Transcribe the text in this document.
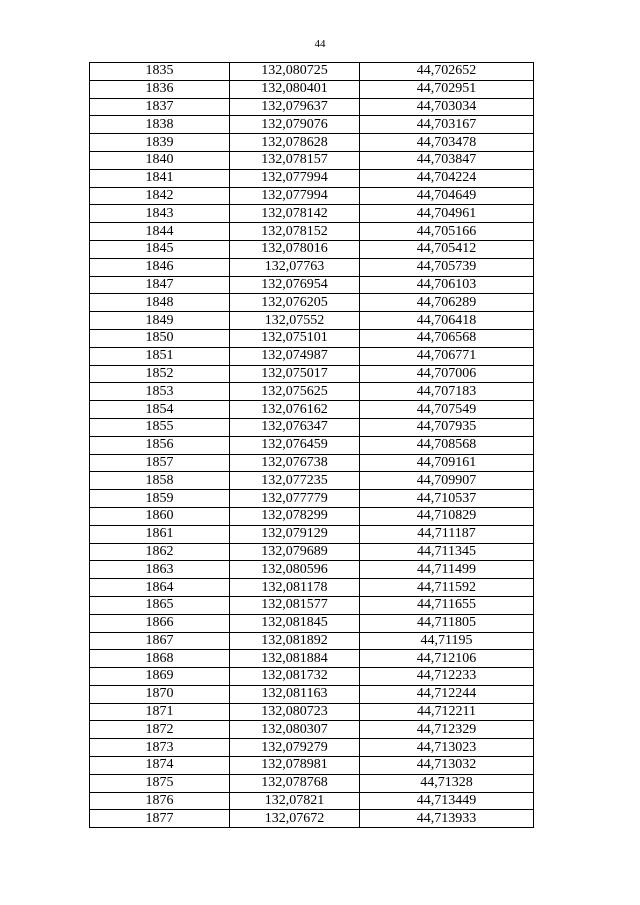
44
1835	132,080725	44,702652
1836	132,080401	44,702951
1837	132,079637	44,703034
1838	132,079076	44,703167
1839	132,078628	44,703478
1840	132,078157	44,703847
1841	132,077994	44,704224
1842	132,077994	44,704649
1843	132,078142	44,704961
1844	132,078152	44,705166
1845	132,078016	44,705412
1846	132,07763	44,705739
1847	132,076954	44,706103
1848	132,076205	44,706289
1849	132,07552	44,706418
1850	132,075101	44,706568
1851	132,074987	44,706771
1852	132,075017	44,707006
1853	132,075625	44,707183
1854	132,076162	44,707549
1855	132,076347	44,707935
1856	132,076459	44,708568
1857	132,076738	44,709161
1858	132,077235	44,709907
1859	132,077779	44,710537
1860	132,078299	44,710829
1861	132,079129	44,711187
1862	132,079689	44,711345
1863	132,080596	44,711499
1864	132,081178	44,711592
1865	132,081577	44,711655
1866	132,081845	44,711805
1867	132,081892	44,71195
1868	132,081884	44,712106
1869	132,081732	44,712233
1870	132,081163	44,712244
1871	132,080723	44,712211
1872	132,080307	44,712329
1873	132,079279	44,713023
1874	132,078981	44,713032
1875	132,078768	44,71328
1876	132,07821	44,713449
1877	132,07672	44,713933
